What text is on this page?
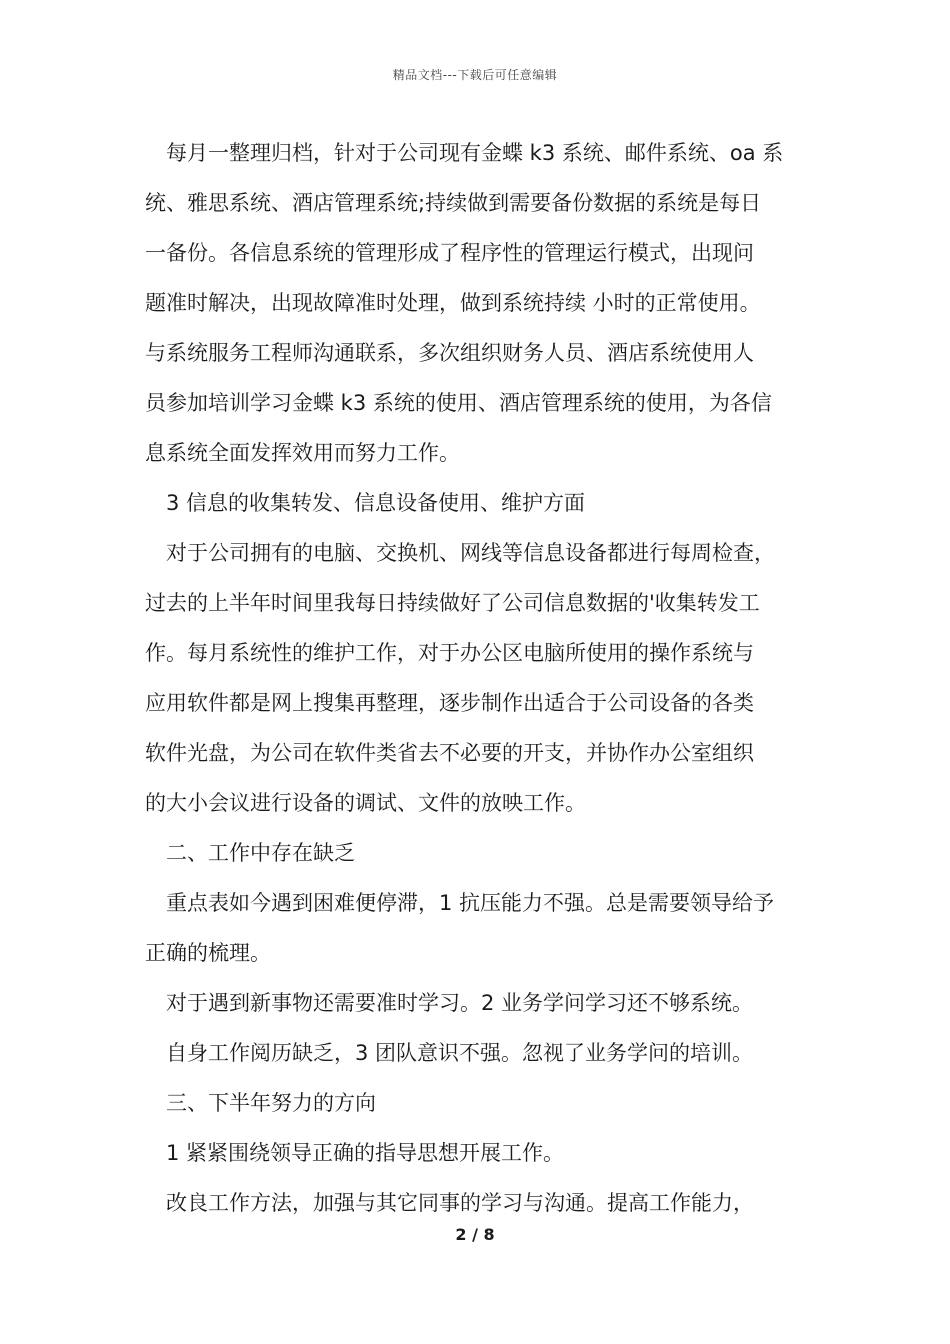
精品文档---下载后可任意编辑

每月一整理归档，针对于公司现有金蝶 k3 系统、邮件系统、oa 系

统、雅思系统、酒店管理系统;持续做到需要备份数据的系统是每日

一备份。各信息系统的管理形成了程序性的管理运行模式，出现问

题准时解决，出现故障准时处理，做到系统持续 小时的正常使用。

与系统服务工程师沟通联系，多次组织财务人员、酒店系统使用人

员参加培训学习金蝶 k3 系统的使用、酒店管理系统的使用，为各信

息系统全面发挥效用而努力工作。

3 信息的收集转发、信息设备使用、维护方面

对于公司拥有的电脑、交换机、网线等信息设备都进行每周检查，

过去的上半年时间里我每日持续做好了公司信息数据的'收集转发工

作。每月系统性的维护工作，对于办公区电脑所使用的操作系统与

应用软件都是网上搜集再整理，逐步制作出适合于公司设备的各类

软件光盘，为公司在软件类省去不必要的开支，并协作办公室组织

的大小会议进行设备的调试、文件的放映工作。

二、工作中存在缺乏

重点表如今遇到困难便停滞，1 抗压能力不强。总是需要领导给予

正确的梳理。

对于遇到新事物还需要准时学习。2 业务学问学习还不够系统。

自身工作阅历缺乏，3 团队意识不强。忽视了业务学问的培训。

三、下半年努力的方向

1 紧紧围绕领导正确的指导思想开展工作。

改良工作方法，加强与其它同事的学习与沟通。提高工作能力，

2 / 8
